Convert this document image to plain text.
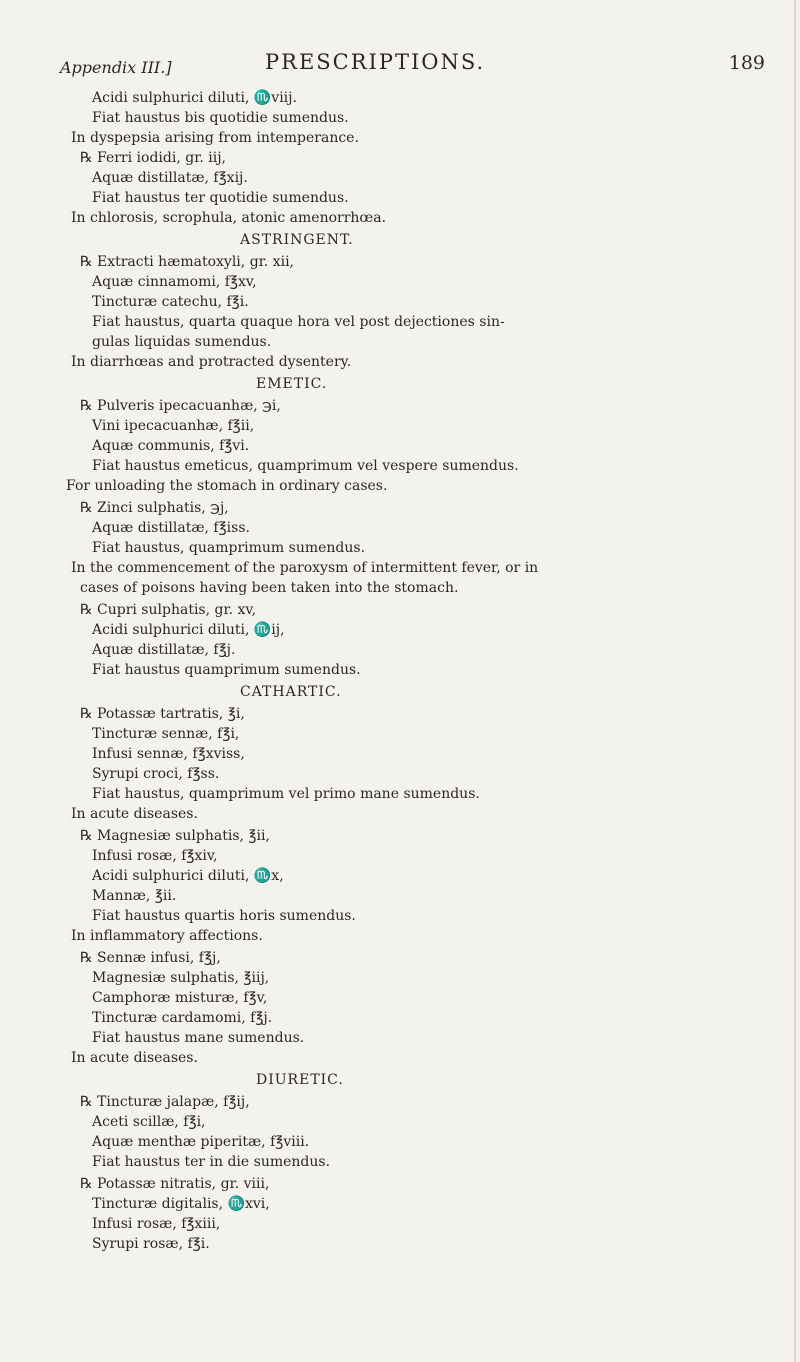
Appendix III.]	PRESCRIPTIONS.	189
Acidi sulphurici diluti, ♏viij.
Fiat haustus bis quotidie sumendus.
In dyspepsia arising from intemperance.
℞ Ferri iodidi, gr. iij,
Aquæ distillatæ, f℥xij.
Fiat haustus ter quotidie sumendus.
In chlorosis, scrophula, atonic amenorrhœa.
ASTRINGENT.
℞ Extracti hæmatoxyli, gr. xii,
Aquæ cinnamomi, f℥xv,
Tincturæ catechu, f℥i.
Fiat haustus, quarta quaque hora vel post dejectiones sin-
gulas liquidas sumendus.
In diarrhœas and protracted dysentery.
EMETIC.
℞ Pulveris ipecacuanhæ, ℈i,
Vini ipecacuanhæ, f℥ii,
Aquæ communis, f℥vi.
Fiat haustus emeticus, quamprimum vel vespere sumendus.
For unloading the stomach in ordinary cases.
℞ Zinci sulphatis, ℈j,
Aquæ distillatæ, f℥iss.
Fiat haustus, quamprimum sumendus.
In the commencement of the paroxysm of intermittent fever, or in
cases of poisons having been taken into the stomach.
℞ Cupri sulphatis, gr. xv,
Acidi sulphurici diluti, ♏ij,
Aquæ distillatæ, f℥j.
Fiat haustus quamprimum sumendus.
CATHARTIC.
℞ Potassæ tartratis, ℥i,
Tincturæ sennæ, f℥i,
Infusi sennæ, f℥xviss,
Syrupi croci, f℥ss.
Fiat haustus, quamprimum vel primo mane sumendus.
In acute diseases.
℞ Magnesiæ sulphatis, ℥ii,
Infusi rosæ, f℥xiv,
Acidi sulphurici diluti, ♏x,
Mannæ, ℥ii.
Fiat haustus quartis horis sumendus.
In inflammatory affections.
℞ Sennæ infusi, f℥j,
Magnesiæ sulphatis, ℥iij,
Camphoræ misturæ, f℥v,
Tincturæ cardamomi, f℥j.
Fiat haustus mane sumendus.
In acute diseases.
DIURETIC.
℞ Tincturæ jalapæ, f℥ij,
Aceti scillæ, f℥i,
Aquæ menthæ piperitæ, f℥viii.
Fiat haustus ter in die sumendus.
℞ Potassæ nitratis, gr. viii,
Tincturæ digitalis, ♏xvi,
Infusi rosæ, f℥xiii,
Syrupi rosæ, f℥i.
